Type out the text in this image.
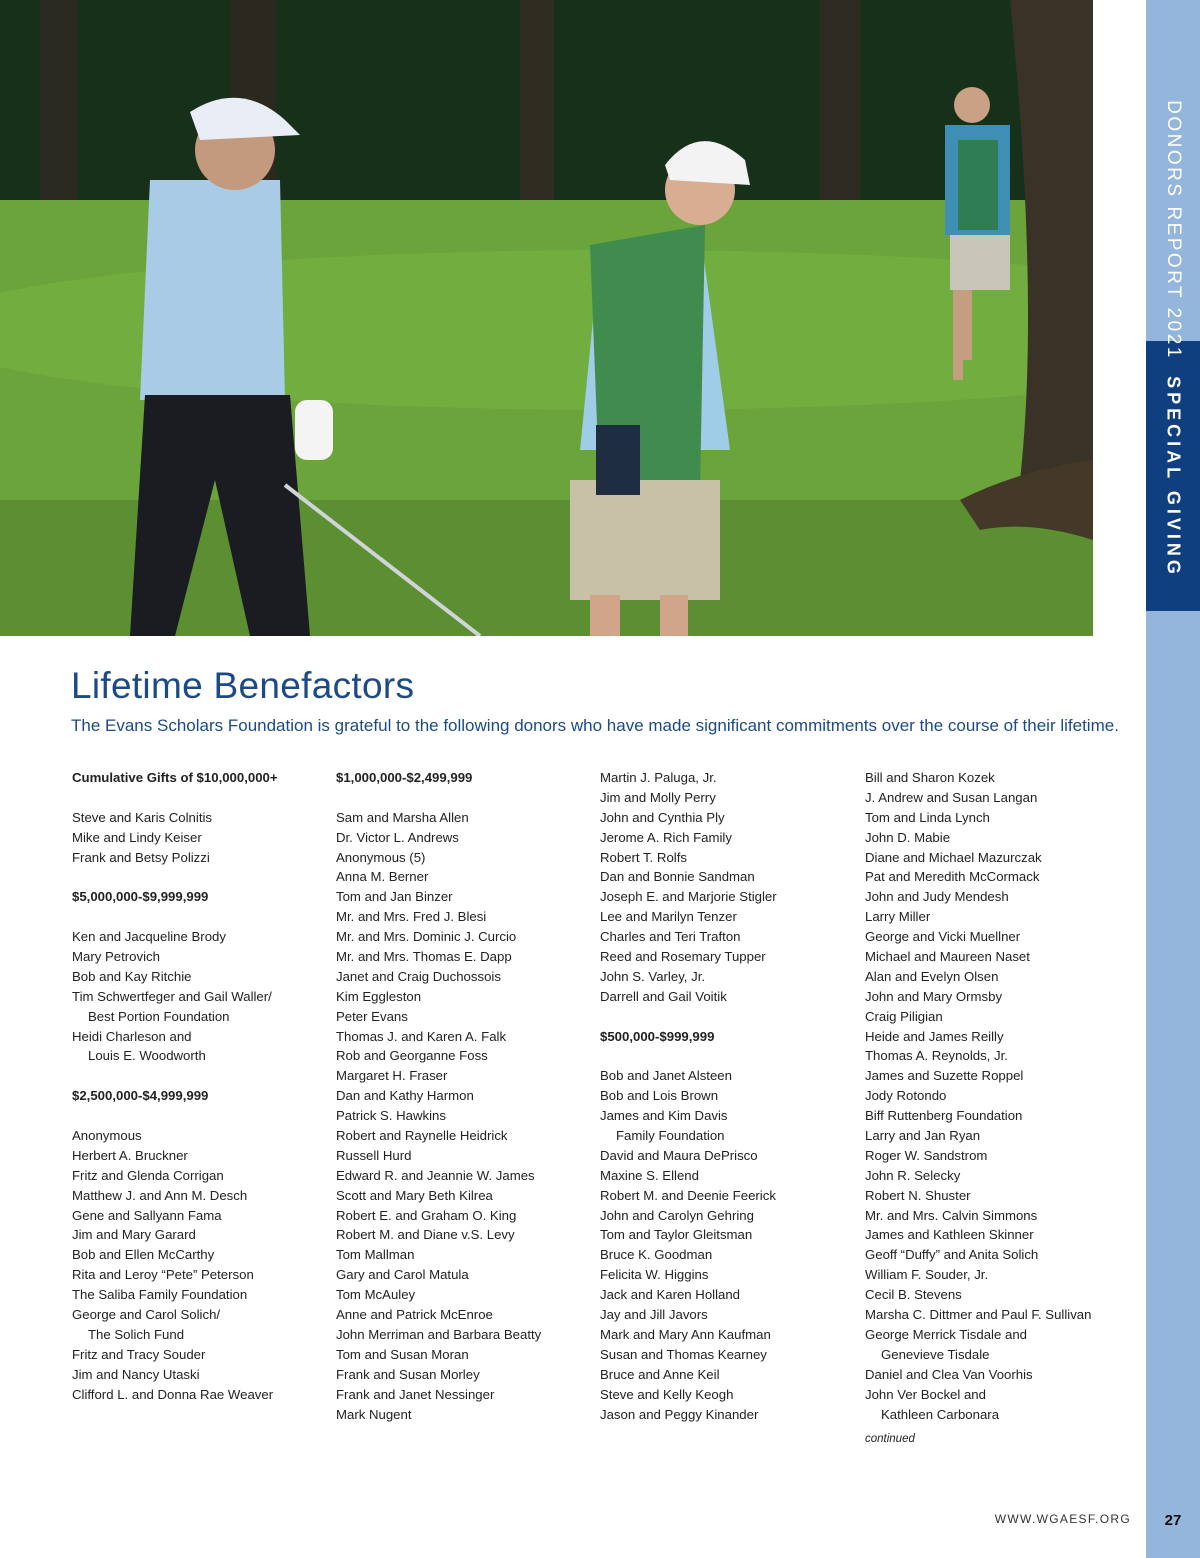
DONORS REPORT 2021
SPECIAL GIVING
Lifetime Benefactors

The Evans Scholars Foundation is grateful to the following donors who have made significant commitments over the course of their lifetime.

Cumulative Gifts of $10,000,000+
Steve and Karis Colnitis
Mike and Lindy Keiser
Frank and Betsy Polizzi
$5,000,000-$9,999,999
Ken and Jacqueline Brody
Mary Petrovich
Bob and Kay Ritchie
Tim Schwertfeger and Gail Waller/
Best Portion Foundation
Heidi Charleson and
Louis E. Woodworth
$2,500,000-$4,999,999
Anonymous
Herbert A. Bruckner
Fritz and Glenda Corrigan
Matthew J. and Ann M. Desch
Gene and Sallyann Fama
Jim and Mary Garard
Bob and Ellen McCarthy
Rita and Leroy “Pete” Peterson
The Saliba Family Foundation
George and Carol Solich/
The Solich Fund
Fritz and Tracy Souder
Jim and Nancy Utaski
Clifford L. and Donna Rae Weaver
$1,000,000-$2,499,999
Sam and Marsha Allen
Dr. Victor L. Andrews
Anonymous (5)
Anna M. Berner
Tom and Jan Binzer
Mr. and Mrs. Fred J. Blesi
Mr. and Mrs. Dominic J. Curcio
Mr. and Mrs. Thomas E. Dapp
Janet and Craig Duchossois
Kim Eggleston
Peter Evans
Thomas J. and Karen A. Falk
Rob and Georganne Foss
Margaret H. Fraser
Dan and Kathy Harmon
Patrick S. Hawkins
Robert and Raynelle Heidrick
Russell Hurd
Edward R. and Jeannie W. James
Scott and Mary Beth Kilrea
Robert E. and Graham O. King
Robert M. and Diane v.S. Levy
Tom Mallman
Gary and Carol Matula
Tom McAuley
Anne and Patrick McEnroe
John Merriman and Barbara Beatty
Tom and Susan Moran
Frank and Susan Morley
Frank and Janet Nessinger
Mark Nugent
Martin J. Paluga, Jr.
Jim and Molly Perry
John and Cynthia Ply
Jerome A. Rich Family
Robert T. Rolfs
Dan and Bonnie Sandman
Joseph E. and Marjorie Stigler
Lee and Marilyn Tenzer
Charles and Teri Trafton
Reed and Rosemary Tupper
John S. Varley, Jr.
Darrell and Gail Voitik
$500,000-$999,999
Bob and Janet Alsteen
Bob and Lois Brown
James and Kim Davis
Family Foundation
David and Maura DePrisco
Maxine S. Ellend
Robert M. and Deenie Feerick
John and Carolyn Gehring
Tom and Taylor Gleitsman
Bruce K. Goodman
Felicita W. Higgins
Jack and Karen Holland
Jay and Jill Javors
Mark and Mary Ann Kaufman
Susan and Thomas Kearney
Bruce and Anne Keil
Steve and Kelly Keogh
Jason and Peggy Kinander
Bill and Sharon Kozek
J. Andrew and Susan Langan
Tom and Linda Lynch
John D. Mabie
Diane and Michael Mazurczak
Pat and Meredith McCormack
John and Judy Mendesh
Larry Miller
George and Vicki Muellner
Michael and Maureen Naset
Alan and Evelyn Olsen
John and Mary Ormsby
Craig Piligian
Heide and James Reilly
Thomas A. Reynolds, Jr.
James and Suzette Roppel
Jody Rotondo
Biff Ruttenberg Foundation
Larry and Jan Ryan
Roger W. Sandstrom
John R. Selecky
Robert N. Shuster
Mr. and Mrs. Calvin Simmons
James and Kathleen Skinner
Geoff “Duffy” and Anita Solich
William F. Souder, Jr.
Cecil B. Stevens
Marsha C. Dittmer and Paul F. Sullivan
George Merrick Tisdale and
Genevieve Tisdale
Daniel and Clea Van Voorhis
John Ver Bockel and
Kathleen Carbonara
continued
WWW.WGAESF.ORG	27
